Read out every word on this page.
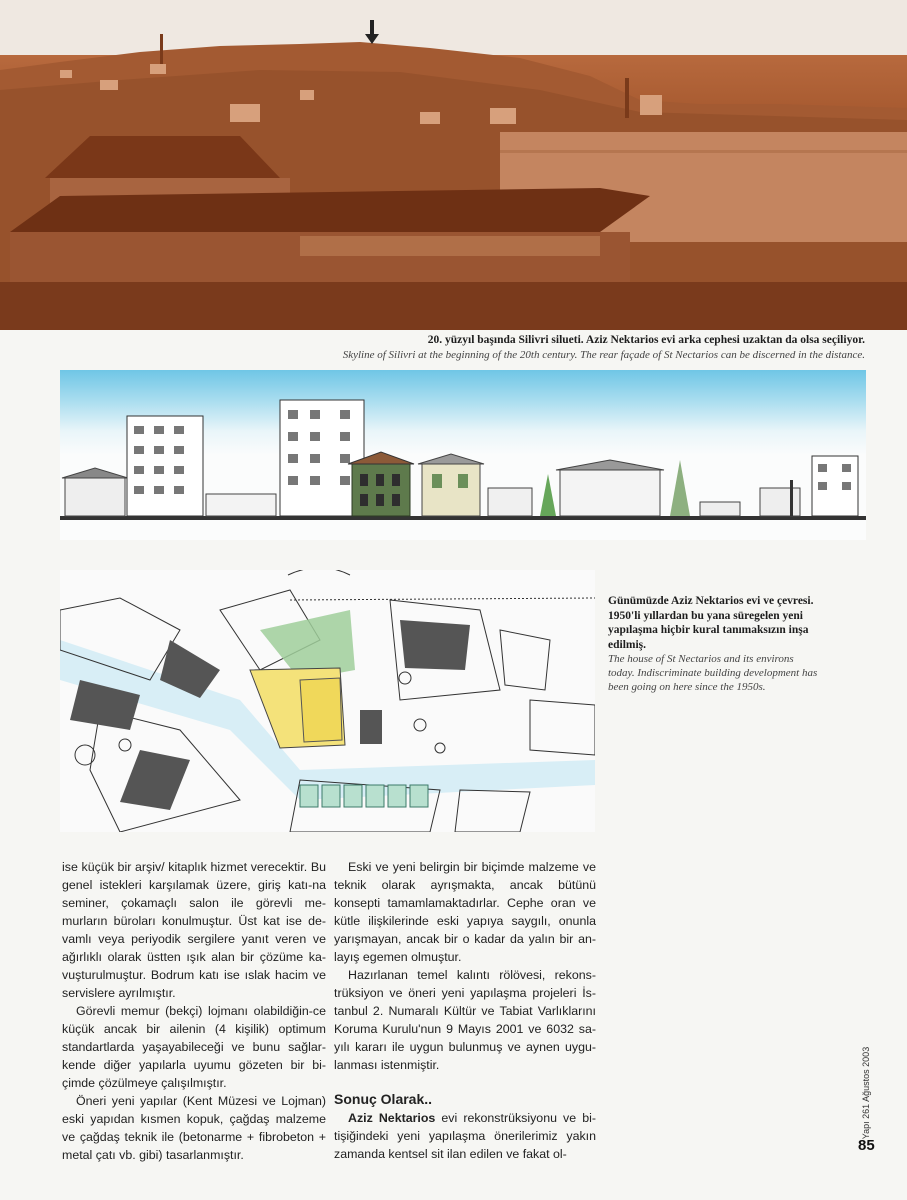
20. yüzyıl başında Silivri silueti. Aziz Nektarios evi arka cephesi uzaktan da olsa seçiliyor.
Skyline of Silivri at the beginning of the 20th century. The rear façade of St Nectarios can be discerned in the distance.
Günümüzde Aziz Nektarios evi ve çevresi. 1950'li yıllardan bu yana süregelen yeni yapılaşma hiçbir kural tanımaksızın inşa edilmiş.
The house of St Nectarios and its environs today. Indiscriminate building development has been going on here since the 1950s.

ise küçük bir arşiv/ kitaplık hizmet verecektir. Bu genel istekleri karşılamak üzere, giriş katı-na seminer, çokamaçlı salon ile görevli me-murların büroları konulmuştur. Üst kat ise de-vamlı veya periyodik sergilere yanıt veren ve ağırlıklı olarak üstten ışık alan bir çözüme ka-vuşturulmuştur. Bodrum katı ise ıslak hacim ve servislere ayrılmıştır.

Görevli memur (bekçi) lojmanı olabildiğin-ce küçük ancak bir ailenin (4 kişilik) optimum standartlarda yaşayabileceği ve bunu sağlar-kende diğer yapılarla uyumu gözeten bir bi-çimde çözülmeye çalışılmıştır.

Öneri yeni yapılar (Kent Müzesi ve Lojman) eski yapıdan kısmen kopuk, çağdaş malzeme ve çağdaş teknik ile (betonarme + fibrobeton + metal çatı vb. gibi) tasarlanmıştır.

Eski ve yeni belirgin bir biçimde malzeme ve teknik olarak ayrışmakta, ancak bütünü konsepti tamamlamaktadırlar. Cephe oran ve kütle ilişkilerinde eski yapıya saygılı, onunla yarışmayan, ancak bir o kadar da yalın bir an-layış egemen olmuştur.

Hazırlanan temel kalıntı rölövesi, rekons-trüksiyon ve öneri yeni yapılaşma projeleri İs-tanbul 2. Numaralı Kültür ve Tabiat Varlıklarını Koruma Kurulu'nun 9 Mayıs 2001 ve 6032 sa-yılı kararı ile uygun bulunmuş ve aynen uygu-lanması istenmiştir.

Sonuç Olarak..

Aziz Nektarios evi rekonstrüksiyonu ve bi-tişiğindeki yeni yapılaşma önerilerimiz yakın zamanda kentsel sit ilan edilen ve fakat ol-

Yapı 261 Ağustos 2003
85
